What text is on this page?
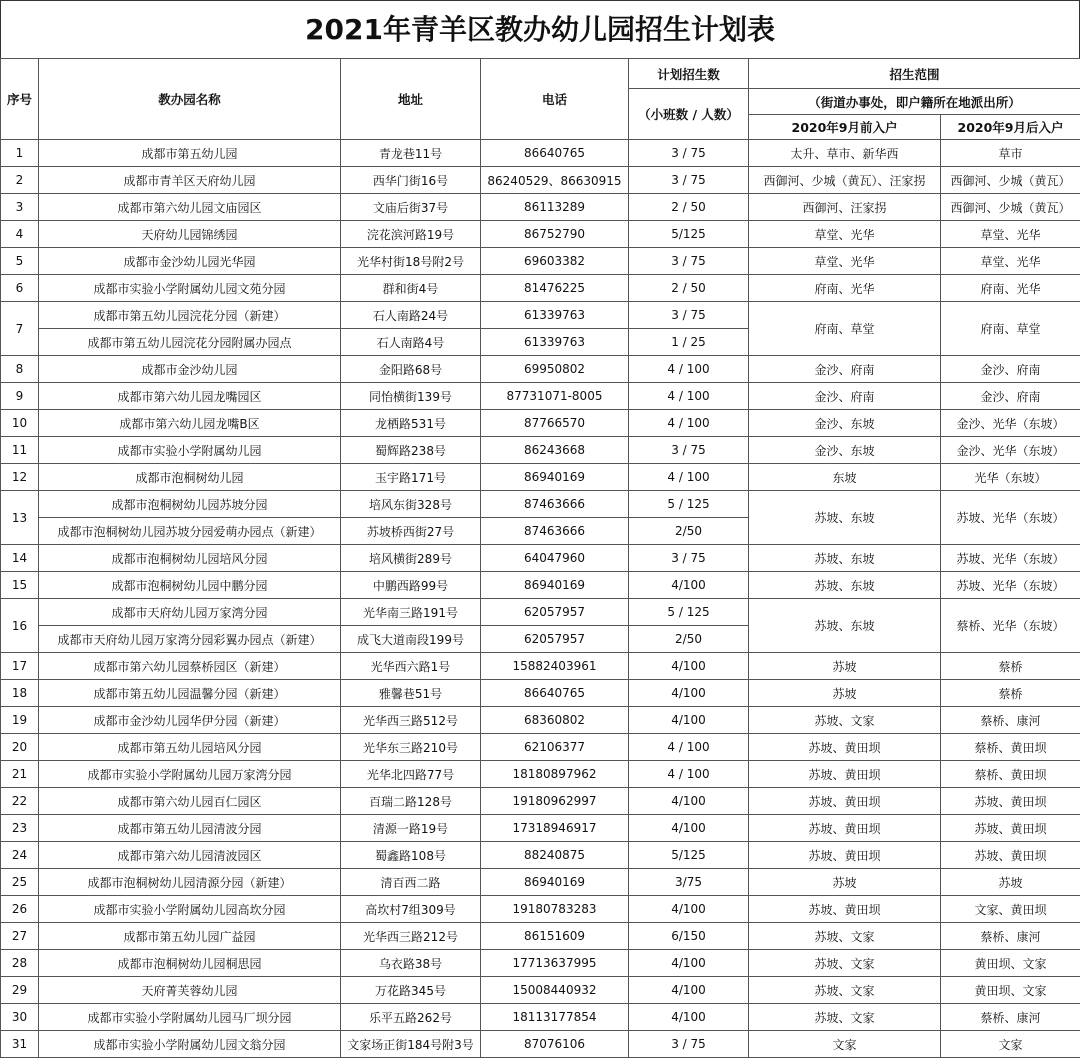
2021年青羊区教办幼儿园招生计划表
序号	教办园名称	地址	电话	计划招生数	招生范围	
				（小班数 / 人数）	（街道办事处，即户籍所在地派出所）	
					2020年9月前入户	2020年9月后入户
1	成都市第五幼儿园	青龙巷11号	86640765	3 / 75	太升、草市、新华西	草市
2	成都市青羊区天府幼儿园	西华门街16号	86240529、86630915	3 / 75	西御河、少城（黄瓦）、汪家拐	西御河、少城（黄瓦）
3	成都市第六幼儿园文庙园区	文庙后街37号	86113289	2 / 50	西御河、汪家拐	西御河、少城（黄瓦）
4	天府幼儿园锦绣园	浣花滨河路19号	86752790	5/125	草堂、光华	草堂、光华
5	成都市金沙幼儿园光华园	光华村街18号附2号	69603382	3 / 75	草堂、光华	草堂、光华
6	成都市实验小学附属幼儿园文苑分园	群和街4号	81476225	2 / 50	府南、光华	府南、光华
7	成都市第五幼儿园浣花分园（新建）	石人南路24号	61339763	3 / 75	府南、草堂	府南、草堂
	成都市第五幼儿园浣花分园附属办园点	石人南路4号	61339763	1 / 25		
8	成都市金沙幼儿园	金阳路68号	69950802	4 / 100	金沙、府南	金沙、府南
9	成都市第六幼儿园龙嘴园区	同怡横街139号	87731071-8005	4 / 100	金沙、府南	金沙、府南
10	成都市第六幼儿园龙嘴B区	龙栖路531号	87766570	4 / 100	金沙、东坡	金沙、光华（东坡）
11	成都市实验小学附属幼儿园	蜀辉路238号	86243668	3 / 75	金沙、东坡	金沙、光华（东坡）
12	成都市泡桐树幼儿园	玉宇路171号	86940169	4 / 100	东坡	光华（东坡）
13	成都市泡桐树幼儿园苏坡分园	培风东街328号	87463666	5 / 125	苏坡、东坡	苏坡、光华（东坡）
	成都市泡桐树幼儿园苏坡分园爱萌办园点（新建）	苏坡桥西街27号	87463666	2/50		
14	成都市泡桐树幼儿园培风分园	培风横街289号	64047960	3 / 75	苏坡、东坡	苏坡、光华（东坡）
15	成都市泡桐树幼儿园中鹏分园	中鹏西路99号	86940169	4/100	苏坡、东坡	苏坡、光华（东坡）
16	成都市天府幼儿园万家湾分园	光华南三路191号	62057957	5 / 125	苏坡、东坡	蔡桥、光华（东坡）
	成都市天府幼儿园万家湾分园彩翼办园点（新建）	成飞大道南段199号	62057957	2/50		
17	成都市第六幼儿园蔡桥园区（新建）	光华西六路1号	15882403961	4/100	苏坡	蔡桥
18	成都市第五幼儿园温馨分园（新建）	雅馨巷51号	86640765	4/100	苏坡	蔡桥
19	成都市金沙幼儿园华伊分园（新建）	光华西三路512号	68360802	4/100	苏坡、文家	蔡桥、康河
20	成都市第五幼儿园培风分园	光华东三路210号	62106377	4 / 100	苏坡、黄田坝	蔡桥、黄田坝
21	成都市实验小学附属幼儿园万家湾分园	光华北四路77号	18180897962	4 / 100	苏坡、黄田坝	蔡桥、黄田坝
22	成都市第六幼儿园百仁园区	百瑞二路128号	19180962997	4/100	苏坡、黄田坝	苏坡、黄田坝
23	成都市第五幼儿园清波分园	清源一路19号	17318946917	4/100	苏坡、黄田坝	苏坡、黄田坝
24	成都市第六幼儿园清波园区	蜀鑫路108号	88240875	5/125	苏坡、黄田坝	苏坡、黄田坝
25	成都市泡桐树幼儿园清源分园（新建）	清百西二路	86940169	3/75	苏坡	苏坡
26	成都市实验小学附属幼儿园高坎分园	高坎村7组309号	19180783283	4/100	苏坡、黄田坝	文家、黄田坝
27	成都市第五幼儿园广益园	光华西三路212号	86151609	6/150	苏坡、文家	蔡桥、康河
28	成都市泡桐树幼儿园桐思园	乌衣路38号	17713637995	4/100	苏坡、文家	黄田坝、文家
29	天府菁芙蓉幼儿园	万花路345号	15008440932	4/100	苏坡、文家	黄田坝、文家
30	成都市实验小学附属幼儿园马厂坝分园	乐平五路262号	18113177854	4/100	苏坡、文家	蔡桥、康河
31	成都市实验小学附属幼儿园文翁分园	文家场正街184号附3号	87076106	3 / 75	文家	文家
